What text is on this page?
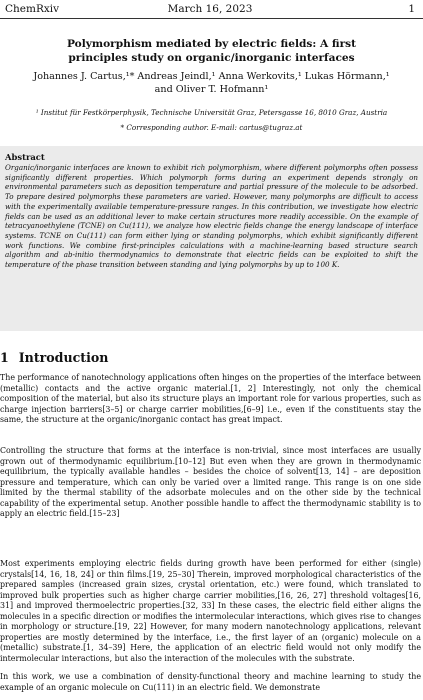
ChemRxiv	March 16, 2023	1
Polymorphism mediated by electric fields: A first principles study on organic/inorganic interfaces
Johannes J. Cartus,¹* Andreas Jeindl,¹ Anna Werkovits,¹ Lukas Hörmann,¹
and Oliver T. Hofmann¹
¹ Institut für Festkörperphysik, Technische Universität Graz, Petersgasse 16, 8010 Graz, Austria
* Corresponding author. E-mail: cartus@tugraz.at
Abstract
Organic/inorganic interfaces are known to exhibit rich polymorphism, where different polymorphs often possess significantly different properties. Which polymorph forms during an experiment depends strongly on environmental parameters such as deposition temperature and partial pressure of the molecule to be adsorbed. To prepare desired polymorphs these parameters are varied. However, many polymorphs are difficult to access with the experimentally available temperature-pressure ranges. In this contribution, we investigate how electric fields can be used as an additional lever to make certain structures more readily accessible. On the example of tetracyanoethylene (TCNE) on Cu(111), we analyze how electric fields change the energy landscape of interface systems. TCNE on Cu(111) can form either lying or standing polymorphs, which exhibit significantly different work functions. We combine first-principles calculations with a machine-learning based structure search algorithm and ab-initio thermodynamics to demonstrate that electric fields can be exploited to shift the temperature of the phase transition between standing and lying polymorphs by up to 100 K.
1 Introduction
The performance of nanotechnology applications often hinges on the properties of the interface between (metallic) contacts and the active organic material.[1, 2] Interestingly, not only the chemical composition of the material, but also its structure plays an important role for various properties, such as charge injection barriers[3–5] or charge carrier mobilities,[6–9] i.e., even if the constituents stay the same, the structure at the organic/inorganic contact has great impact.
Controlling the structure that forms at the interface is non-trivial, since most interfaces are usually grown out of thermodynamic equilibrium.[10–12] But even when they are grown in thermodynamic equilibrium, the typically available handles – besides the choice of solvent[13, 14] – are deposition pressure and temperature, which can only be varied over a limited range. This range is on one side limited by the thermal stability of the adsorbate molecules and on the other side by the technical capability of the experimental setup. Another possible handle to affect the thermodynamic stability is to apply an electric field.[15–23]
Most experiments employing electric fields during growth have been performed for either (single) crystals[14, 16, 18, 24] or thin films.[19, 25–30] Therein, improved morphological characteristics of the prepared samples (increased grain sizes, crystal orientation, etc.) were found, which translated to improved bulk properties such as higher charge carrier mobilities,[16, 26, 27] threshold voltages[16, 31] and improved thermoelectric properties.[32, 33] In these cases, the electric field either aligns the molecules in a specific direction or modifies the intermolecular interactions, which gives rise to changes in morphology or structure.[19, 22] However, for many modern nanotechnology applications, relevant properties are mostly determined by the interface, i.e., the first layer of an (organic) molecule on a (metallic) substrate.[1, 34–39] Here, the application of an electric field would not only modify the intermolecular interactions, but also the interaction of the molecules with the substrate.
In this work, we use a combination of density-functional theory and machine learning to study the example of an organic molecule on Cu(111) in an electric field. We demonstrate
